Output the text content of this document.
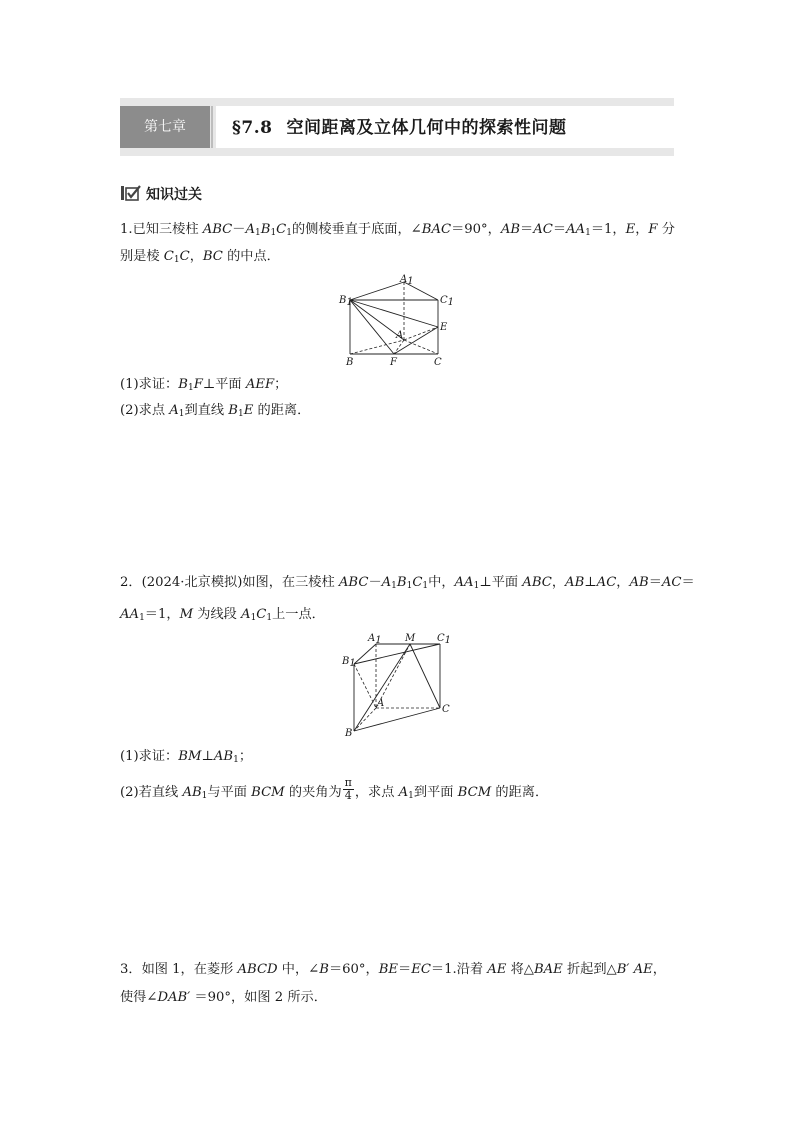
第七章	§7.8 空间距离及立体几何中的探索性问题
知识过关
1.已知三棱柱 $ABC-A_1B_1C_1$的侧棱垂直于底面，∠BAC＝90°，$AB=AC=AA_1=1$，E，F 分
别是棱 $C_1C$，BC 的中点．
A1
B1	C1
A
E
B	F	C
(1)求证：$B_1F\perp$平面 AEF；
(2)求点 $A_1$到直线 $B_1E$ 的距离．
2．(2024·北京模拟)如图，在三棱柱 $ABC-A_1B_1C_1$中，$AA_1\perp$平面 ABC，AB⊥AC，AB＝AC＝
$AA_1=1$，M 为线段 $A_1C_1$上一点．
A1 M C1
B1
A
C
B
(1)求证：$BM\perp AB_1$；
(2)若直线 $AB_1$与平面 BCM 的夹角为 $\frac{\pi}{4}$ ，求点 $A_1$到平面 BCM 的距离．
3．如图 1，在菱形 ABCD 中，∠B＝60°，BE＝EC＝1.沿着 AE 将△BAE 折起到△B′ AE，
使得∠DAB′ ＝90°，如图 2 所示．
